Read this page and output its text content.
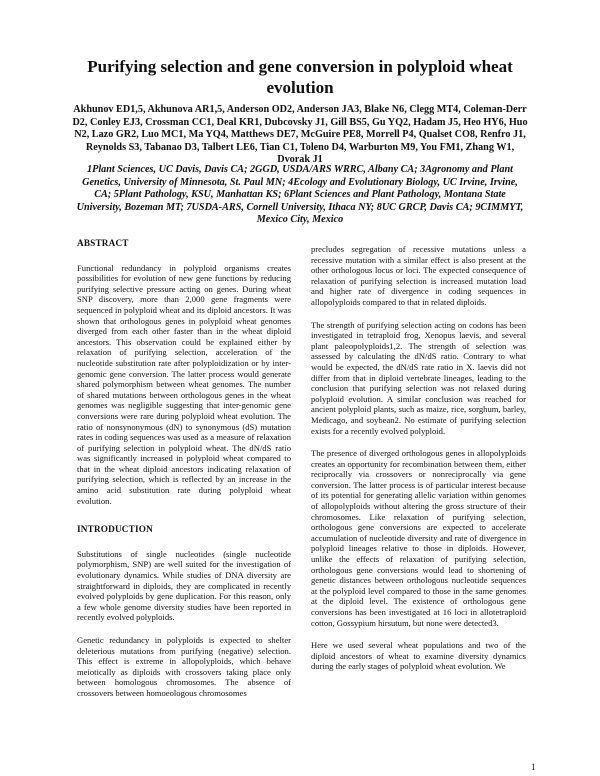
Purifying selection and gene conversion in polyploid wheat evolution
Akhunov ED1,5, Akhunova AR1,5, Anderson OD2, Anderson JA3, Blake N6, Clegg MT4, Coleman-Derr D2, Conley EJ3, Crossman CC1, Deal KR1, Dubcovsky J1, Gill BS5, Gu YQ2, Hadam J5, Heo HY6, Huo N2, Lazo GR2, Luo MC1, Ma YQ4, Matthews DE7, McGuire PE8, Morrell P4, Qualset CO8, Renfro J1, Reynolds S3, Tabanao D3, Talbert LE6, Tian C1, Toleno D4, Warburton M9, You FM1, Zhang W1, Dvorak J1
1Plant Sciences, UC Davis, Davis CA; 2GGD, USDA/ARS WRRC, Albany CA; 3Agronomy and Plant Genetics, University of Minnesota, St. Paul MN; 4Ecology and Evolutionary Biology, UC Irvine, Irvine, CA; 5Plant Pathology, KSU, Manhattan KS; 6Plant Sciences and Plant Pathology, Montana State University, Bozeman MT; 7USDA-ARS, Cornell University, Ithaca NY; 8UC GRCP, Davis CA; 9CIMMYT, Mexico City, Mexico
ABSTRACT

Functional redundancy in polyploid organisms creates possibilities for evolution of new gene functions by reducing purifying selective pressure acting on genes. During wheat SNP discovery, more than 2,000 gene fragments were sequenced in polyploid wheat and its diploid ancestors. It was shown that orthologous genes in polyploid wheat genomes diverged from each other faster than in the wheat diploid ancestors. This observation could be explained either by relaxation of purifying selection, acceleration of the nucleotide substitution rate after polyploidization or by inter-genomic gene conversion. The latter process would generate shared polymorphism between wheat genomes. The number of shared mutations between orthologous genes in the wheat genomes was negligible suggesting that inter-genomic gene conversions were rare during polyploid wheat evolution. The ratio of nonsynonymous (dN) to synonymous (dS) mutation rates in coding sequences was used as a measure of relaxation of purifying selection in polyploid wheat. The dN/dS ratio was significantly increased in polyploid wheat compared to that in the wheat diploid ancestors indicating relaxation of purifying selection, which is reflected by an increase in the amino acid substitution rate during polyploid wheat evolution.

INTRODUCTION

Substitutions of single nucleotides (single nucleotide polymorphism, SNP) are well suited for the investigation of evolutionary dynamics. While studies of DNA diversity are straightforward in diploids, they are complicated in recently evolved polyploids by gene duplication. For this reason, only a few whole genome diversity studies have been reported in recently evolved polyploids.

Genetic redundancy in polyploids is expected to shelter deleterious mutations from purifying (negative) selection. This effect is extreme in allopolyploids, which behave meiotically as diploids with crossovers taking place only between homologous chromosomes. The absence of crossovers between homoeologous chromosomes

precludes segregation of recessive mutations unless a recessive mutation with a similar effect is also present at the other orthologous locus or loci. The expected consequence of relaxation of purifying selection is increased mutation load and higher rate of divergence in coding sequences in allopolyploids compared to that in related diploids.

The strength of purifying selection acting on codons has been investigated in tetraploid frog, Xenopus laevis, and several plant paleopolyploids1,2. The strength of selection was assessed by calculating the dN/dS ratio. Contrary to what would be expected, the dN/dS rate ratio in X. laevis did not differ from that in diploid vertebrate lineages, leading to the conclusion that purifying selection was not relaxed during polyploid evolution. A similar conclusion was reached for ancient polyploid plants, such as maize, rice, sorghum, barley, Medicago, and soybean2. No estimate of purifying selection exists for a recently evolved polyploid.

The presence of diverged orthologous genes in allopolyploids creates an opportunity for recombination between them, either reciprocally via crossovers or nonreciprocally via gene conversion. The latter process is of particular interest because of its potential for generating allelic variation within genomes of allopolyploids without altering the gross structure of their chromosomes. Like relaxation of purifying selection, orthologous gene conversions are expected to accelerate accumulation of nucleotide diversity and rate of divergence in polyploid lineages relative to those in diploids. However, unlike the effects of relaxation of purifying selection, orthologous gene conversions would lead to shortening of genetic distances between orthologous nucleotide sequences at the polyploid level compared to those in the same genomes at the diploid level. The existence of orthologous gene conversions has been investigated at 16 loci in allotetraploid cotton, Gossypium hirsutum, but none were detected3.

Here we used several wheat populations and two of the diploid ancestors of wheat to examine diversity dynamics during the early stages of polyploid wheat evolution. We

1
